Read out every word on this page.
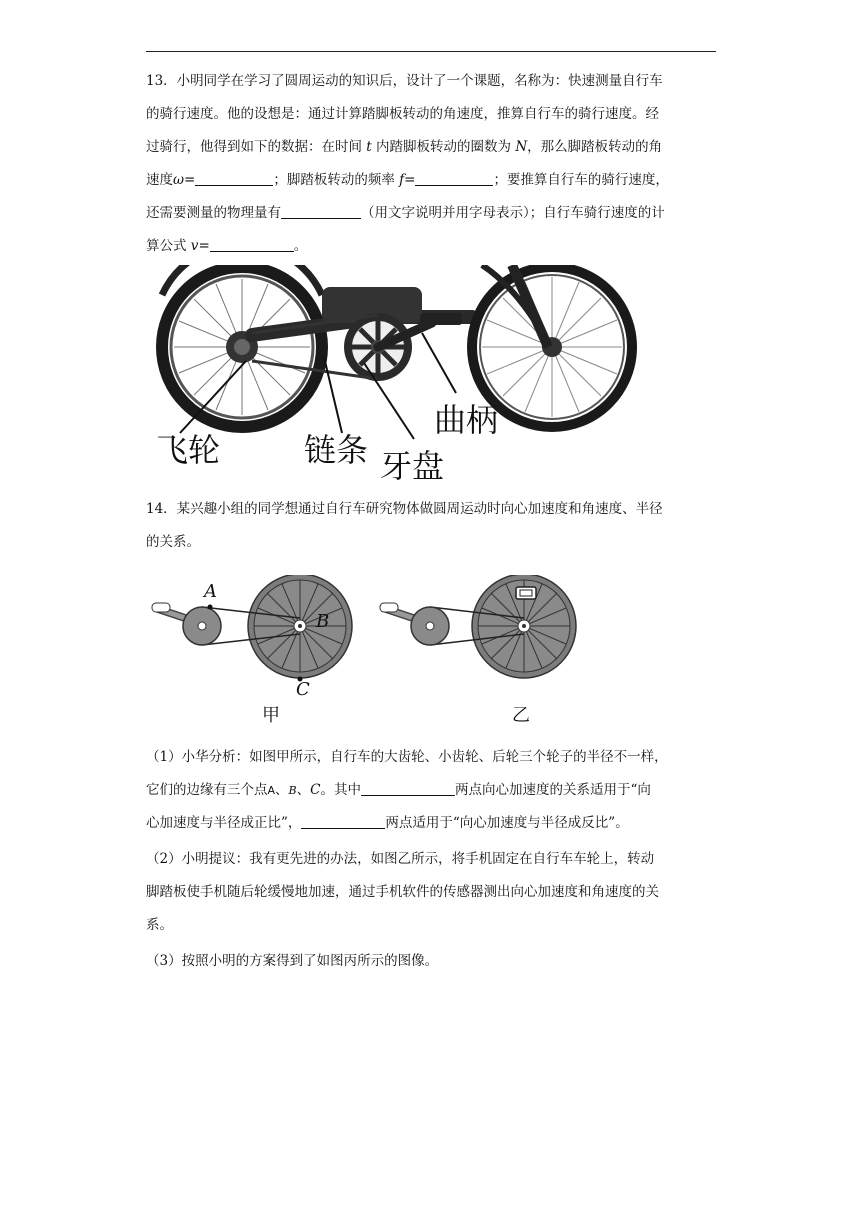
13．小明同学在学习了圆周运动的知识后，设计了一个课题，名称为：快速测量自行车
的骑行速度。他的设想是：通过计算踏脚板转动的角速度，推算自行车的骑行速度。经
过骑行，他得到如下的数据：在时间 t 内踏脚板转动的圈数为 N，那么脚踏板转动的角
速度ω=	；脚踏板转动的频率 f=	；要推算自行车的骑行速度，
还需要测量的物理量有	（用文字说明并用字母表示）；自行车骑行速度的计
算公式 v=	。
飞轮	链条 牙盘
曲柄
14．某兴趣小组的同学想通过自行车研究物体做圆周运动时向心加速度和角速度、半径
的关系。
A
B
C
甲	乙
（1）小华分析：如图甲所示，自行车的大齿轮、小齿轮、后轮三个轮子的半径不一样，
它们的边缘有三个点A、B、C。其中	两点向心加速度的关系适用于“向
心加速度与半径成正比”，	两点适用于“向心加速度与半径成反比”。
（2）小明提议：我有更先进的办法，如图乙所示，将手机固定在自行车车轮上，转动
脚踏板使手机随后轮缓慢地加速，通过手机软件的传感器测出向心加速度和角速度的关
系。
（3）按照小明的方案得到了如图丙所示的图像。
